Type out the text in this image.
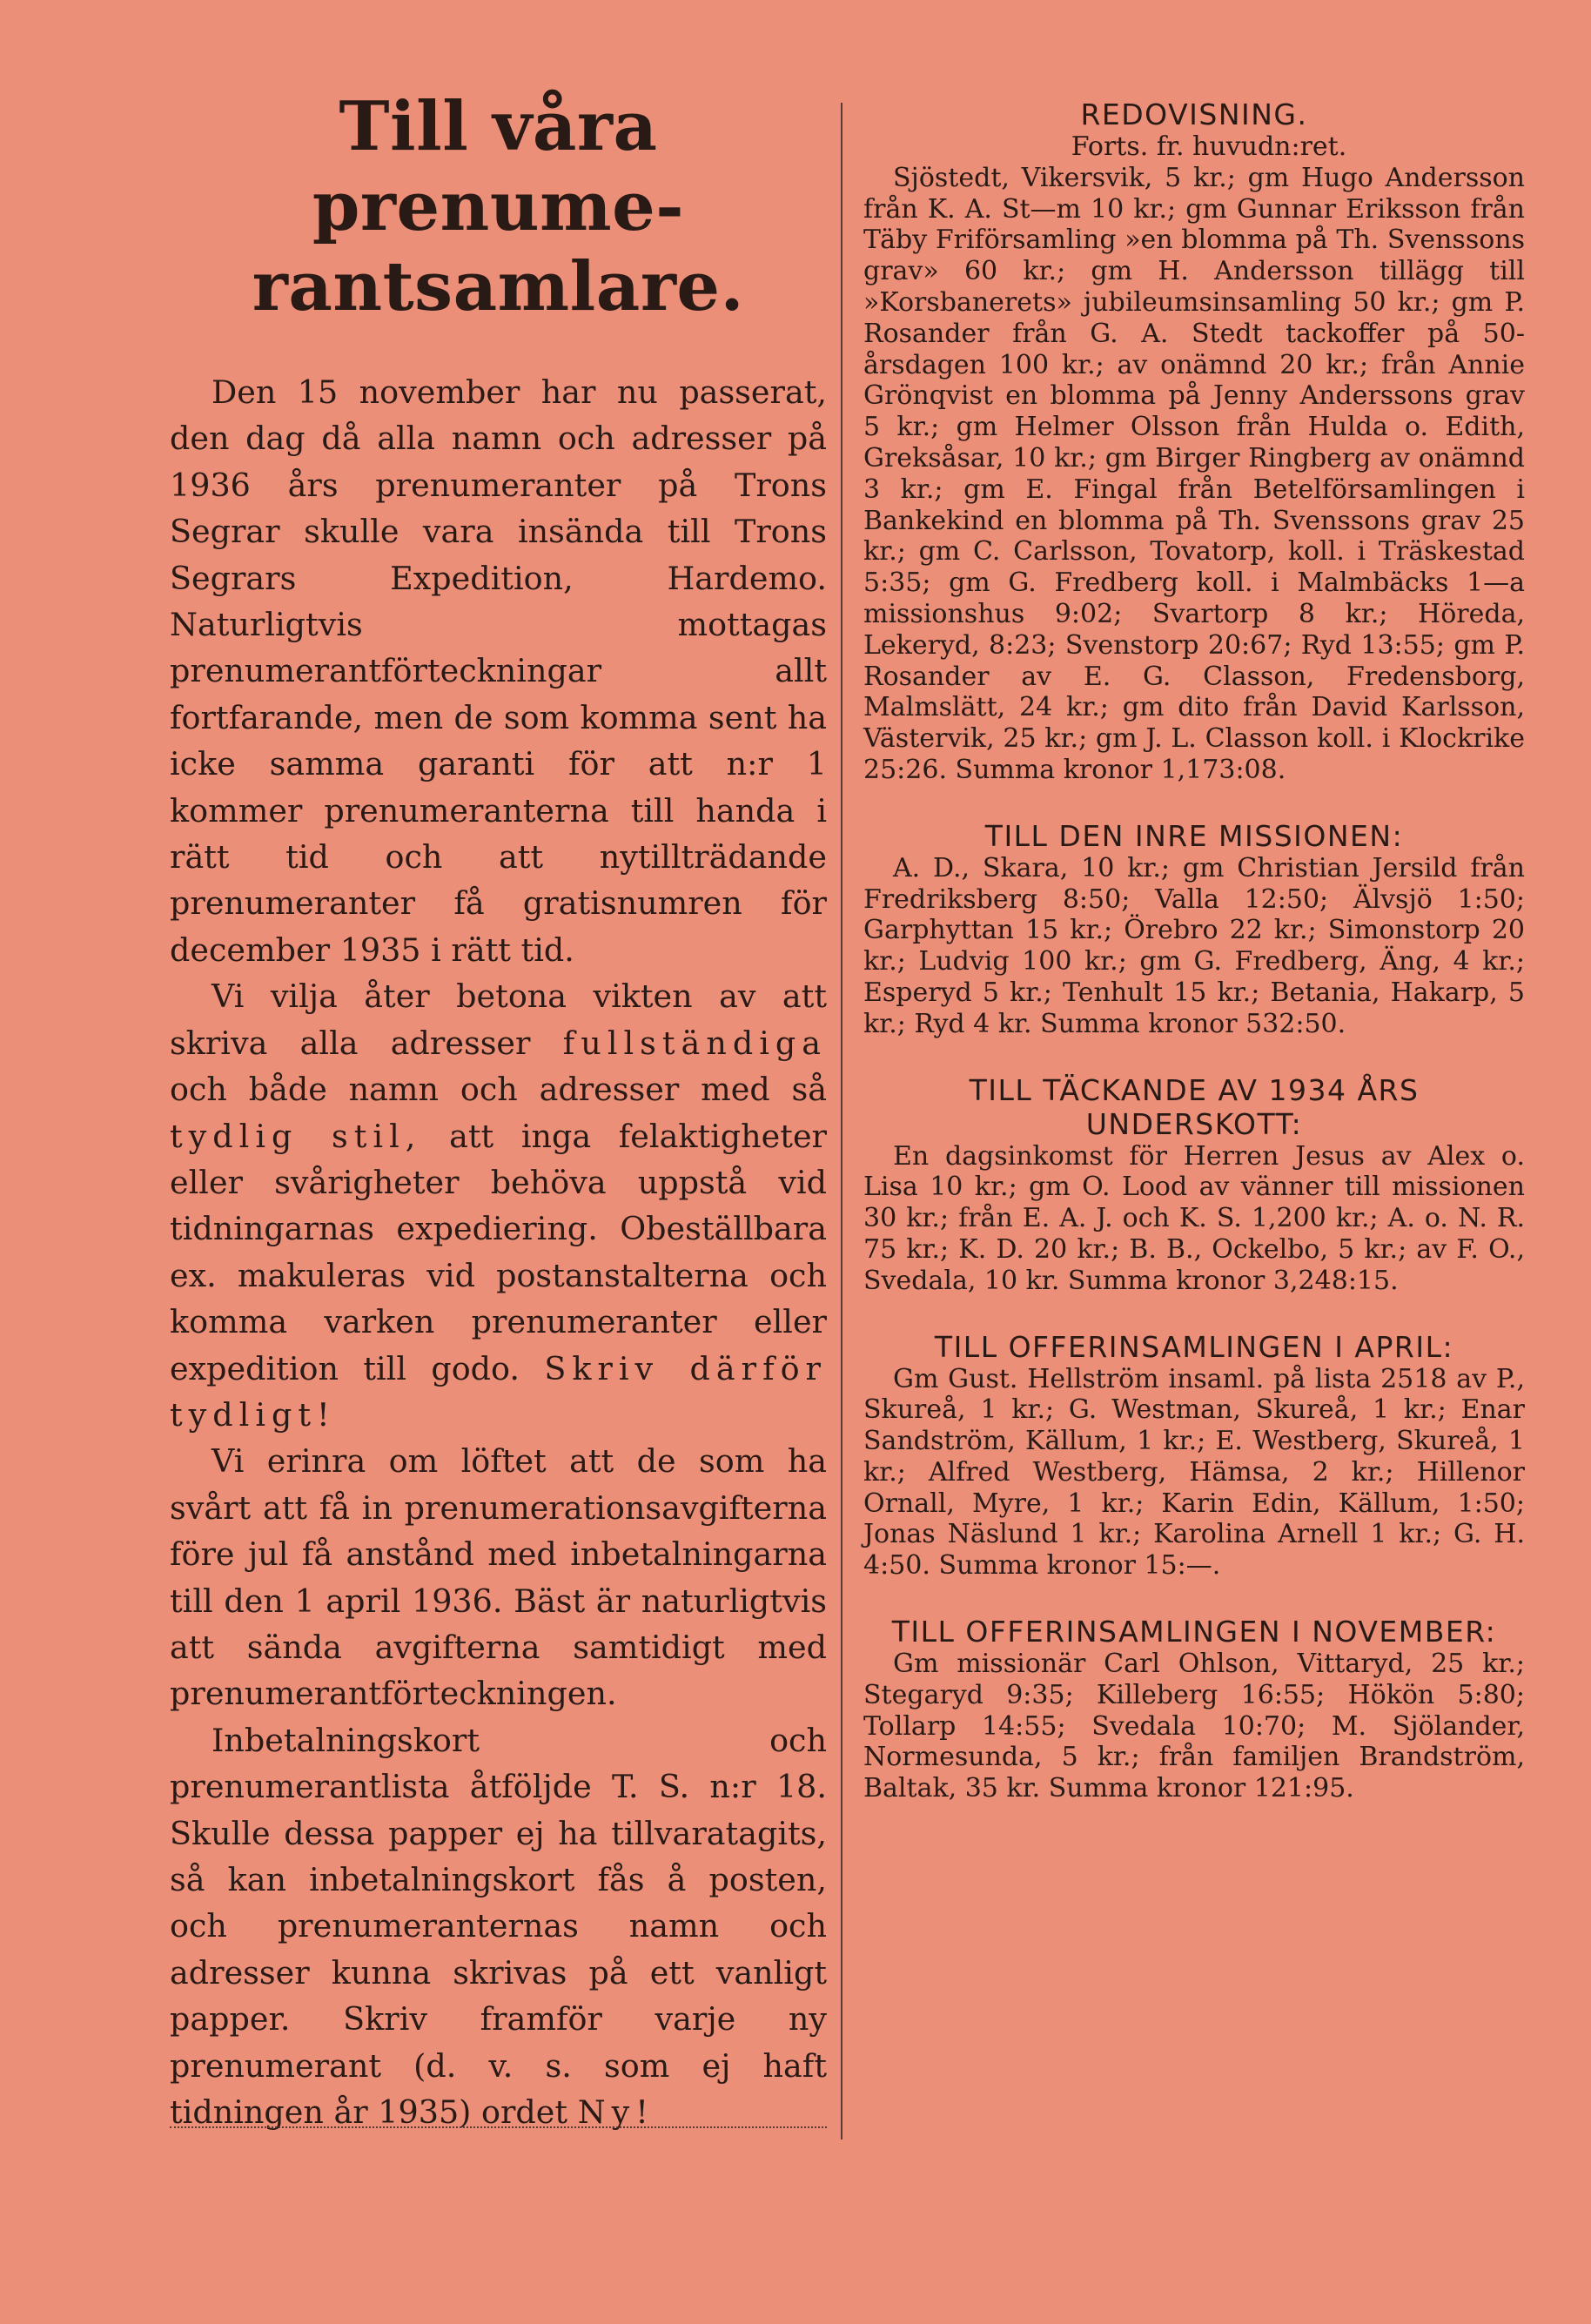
Till våra prenume- rantsamlare.

Den 15 november har nu passerat, den dag då alla namn och adresser på 1936 års prenumeranter på Trons Segrar skulle vara insända till Trons Segrars Expedition, Hardemo. Naturligtvis mottagas prenumerantförteckningar allt fortfarande, men de som komma sent ha icke samma garanti för att n:r 1 kommer prenumeranterna till handa i rätt tid och att nytillträdande prenumeranter få gratisnumren för december 1935 i rätt tid.

Vi vilja åter betona vikten av att skriva alla adresser fullständiga och både namn och adresser med så tydlig stil, att inga felaktigheter eller svårigheter behöva uppstå vid tidningarnas expediering. Obeställbara ex. makuleras vid postanstalterna och komma varken prenumeranter eller expedition till godo. Skriv därför tydligt!

Vi erinra om löftet att de som ha svårt att få in prenumerationsavgifterna före jul få anstånd med inbetalningarna till den 1 april 1936. Bäst är naturligtvis att sända avgifterna samtidigt med prenumerantförteckningen.

Inbetalningskort och prenumerantlista åtföljde T. S. n:r 18. Skulle dessa papper ej ha tillvaratagits, så kan inbetalningskort fås å posten, och prenumeranternas namn och adresser kunna skrivas på ett vanligt papper. Skriv framför varje ny prenumerant (d. v. s. som ej haft tidningen år 1935) ordet Ny!

REDOVISNING.

Forts. fr. huvudn:ret.

Sjöstedt, Vikersvik, 5 kr.; gm Hugo Andersson från K. A. St—m 10 kr.; gm Gunnar Eriksson från Täby Friförsamling »en blomma på Th. Svenssons grav» 60 kr.; gm H. Andersson tillägg till »Korsbanerets» jubileumsinsamling 50 kr.; gm P. Rosander från G. A. Stedt tackoffer på 50-årsdagen 100 kr.; av onämnd 20 kr.; från Annie Grönqvist en blomma på Jenny Anderssons grav 5 kr.; gm Helmer Olsson från Hulda o. Edith, Greksåsar, 10 kr.; gm Birger Ringberg av onämnd 3 kr.; gm E. Fingal från Betelförsamlingen i Bankekind en blomma på Th. Svenssons grav 25 kr.; gm C. Carlsson, Tovatorp, koll. i Träskestad 5:35; gm G. Fredberg koll. i Malmbäcks 1—a missionshus 9:02; Svartorp 8 kr.; Höreda, Lekeryd, 8:23; Svenstorp 20:67; Ryd 13:55; gm P. Rosander av E. G. Classon, Fredensborg, Malmslätt, 24 kr.; gm dito från David Karlsson, Västervik, 25 kr.; gm J. L. Classon koll. i Klockrike 25:26. Summa kronor 1,173:08.

TILL DEN INRE MISSIONEN:

A. D., Skara, 10 kr.; gm Christian Jersild från Fredriksberg 8:50; Valla 12:50; Älvsjö 1:50; Garphyttan 15 kr.; Örebro 22 kr.; Simonstorp 20 kr.; Ludvig 100 kr.; gm G. Fredberg, Äng, 4 kr.; Esperyd 5 kr.; Tenhult 15 kr.; Betania, Hakarp, 5 kr.; Ryd 4 kr. Summa kronor 532:50.

TILL TÄCKANDE AV 1934 ÅRS UNDERSKOTT:

En dagsinkomst för Herren Jesus av Alex o. Lisa 10 kr.; gm O. Lood av vänner till missionen 30 kr.; från E. A. J. och K. S. 1,200 kr.; A. o. N. R. 75 kr.; K. D. 20 kr.; B. B., Ockelbo, 5 kr.; av F. O., Svedala, 10 kr. Summa kronor 3,248:15.

TILL OFFERINSAMLINGEN I APRIL:

Gm Gust. Hellström insaml. på lista 2518 av P., Skureå, 1 kr.; G. Westman, Skureå, 1 kr.; Enar Sandström, Källum, 1 kr.; E. Westberg, Skureå, 1 kr.; Alfred Westberg, Hämsa, 2 kr.; Hillenor Ornall, Myre, 1 kr.; Karin Edin, Källum, 1:50; Jonas Näslund 1 kr.; Karolina Arnell 1 kr.; G. H. 4:50. Summa kronor 15:—.

TILL OFFERINSAMLINGEN I NOVEMBER:

Gm missionär Carl Ohlson, Vittaryd, 25 kr.; Stegaryd 9:35; Killeberg 16:55; Hökön 5:80; Tollarp 14:55; Svedala 10:70; M. Sjölander, Normesunda, 5 kr.; från familjen Brandström, Baltak, 35 kr. Summa kronor 121:95.
